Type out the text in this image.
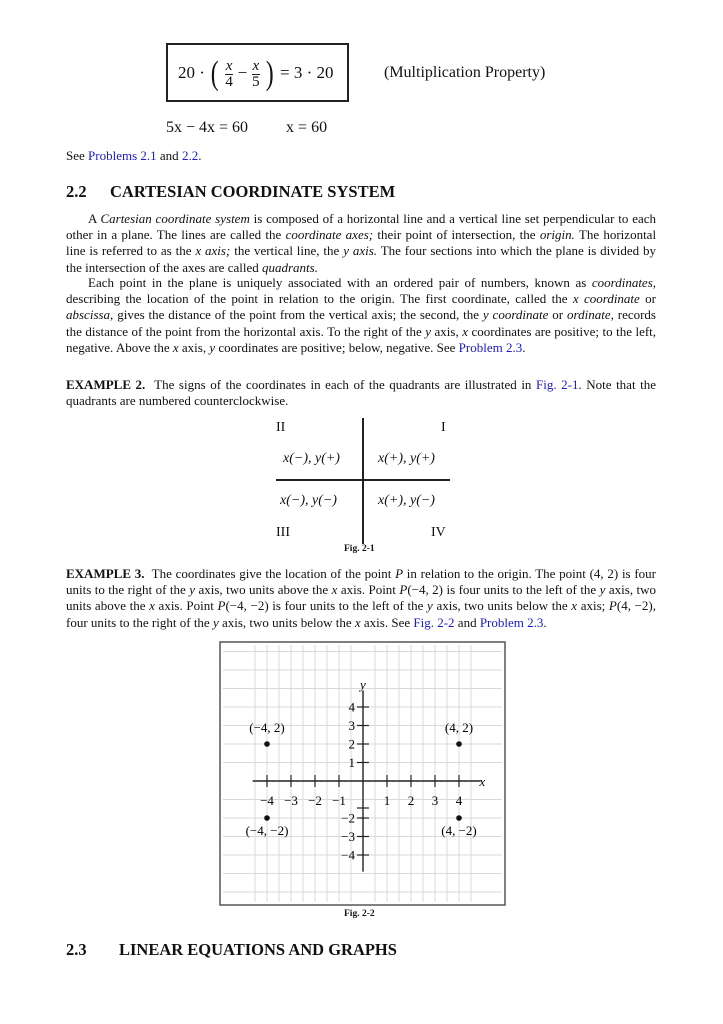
20 · ( $\frac{x}{4} - \frac{x}{5}$ ) = 3 · 20	(Multiplication Property)
5x − 4x = 60 x = 60
See Problems 2.1 and 2.2.
2.2 CARTESIAN COORDINATE SYSTEM

A Cartesian coordinate system is composed of a horizontal line and a vertical line set perpendicular to each other in a plane. The lines are called the coordinate axes; their point of intersection, the origin. The horizontal line is referred to as the x axis; the vertical line, the y axis. The four sections into which the plane is divided by the intersection of the axes are called quadrants.

Each point in the plane is uniquely associated with an ordered pair of numbers, known as coordinates, describing the location of the point in relation to the origin. The first coordinate, called the x coordinate or abscissa, gives the distance of the point from the vertical axis; the second, the y coordinate or ordinate, records the distance of the point from the horizontal axis. To the right of the y axis, x coordinates are positive; to the left, negative. Above the x axis, y coordinates are positive; below, negative. See Problem 2.3.

EXAMPLE 2. The signs of the coordinates in each of the quadrants are illustrated in Fig. 2-1. Note that the quadrants are numbered counterclockwise.

II	I
x(−), y(+)	x(+), y(+)
x(−), y(−)	x(+), y(−)
III	IV
Fig. 2-1

EXAMPLE 3. The coordinates give the location of the point P in relation to the origin. The point (4, 2) is four units to the right of the y axis, two units above the x axis. Point P(−4, 2) is four units to the left of the y axis, two units above the x axis. Point P(−4, −2) is four units to the left of the y axis, two units below the x axis; P(4, −2), four units to the right of the y axis, two units below the x axis. See Fig. 2-2 and Problem 2.3.

−4 −3 −2 −1	1 2 3 4
4
3
2
1
−2
−3
−4
(−4, 2)	(4, 2)
(−4, −2)	(4, −2)
x
y
Fig. 2-2
2.3 LINEAR EQUATIONS AND GRAPHS
